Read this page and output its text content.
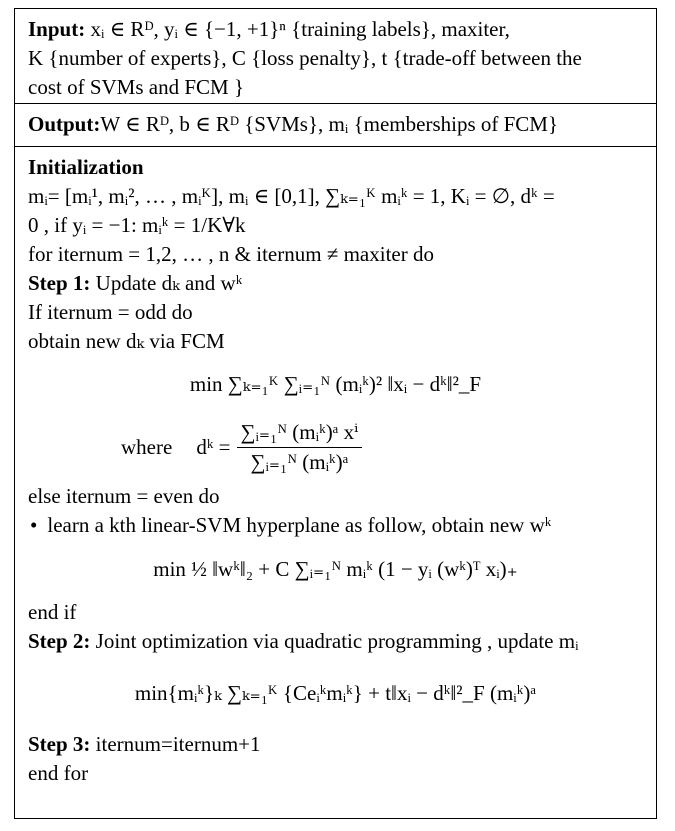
Input: xᵢ ∈ Rᴰ, yᵢ ∈ {−1, +1}ⁿ {training labels}, maxiter,
K {number of experts}, C {loss penalty}, t {trade-off between the
cost of SVMs and FCM }
Output:W ∈ Rᴰ, b ∈ Rᴰ {SVMs}, mᵢ {memberships of FCM}
Initialization
mᵢ= [mᵢ¹, mᵢ², … , mᵢᴷ], mᵢ ∈ [0,1], ∑ₖ₌₁ᴷ mᵢᵏ = 1, Kᵢ = ∅, dᵏ =
0 , if yᵢ = −1: mᵢᵏ = 1/K∀k
for iternum = 1,2, … , n & iternum ≠ maxiter do
Step 1: Update dₖ and wᵏ
If iternum = odd do
obtain new dₖ via FCM
min ∑ₖ₌₁ᴷ ∑ᵢ₌₁ᴺ (mᵢᵏ)² ‖xᵢ − dᵏ‖²_F
where dᵏ = $\frac{\text{∑ᵢ₌₁ᴺ (mᵢᵏ)ᵃ xⁱ}}{\text{∑ᵢ₌₁ᴺ (mᵢᵏ)ᵃ}}$
else iternum = even do
• learn a kth linear-SVM hyperplane as follow, obtain new wᵏ
min ½ ‖wᵏ‖₂ + C ∑ᵢ₌₁ᴺ mᵢᵏ (1 − yᵢ (wᵏ)ᵀ xᵢ)₊
end if
Step 2: Joint optimization via quadratic programming , update mᵢ
min{mᵢᵏ}ₖ ∑ₖ₌₁ᴷ {Ceᵢᵏmᵢᵏ} + t‖xᵢ − dᵏ‖²_F (mᵢᵏ)ᵃ
Step 3: iternum=iternum+1
end for
